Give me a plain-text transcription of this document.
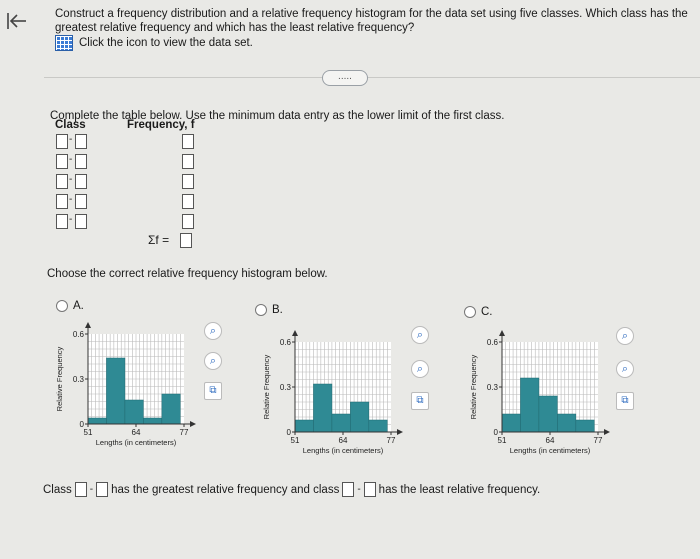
Construct a frequency distribution and a relative frequency histogram for the data set using five classes. Which class has the greatest relative frequency and which has the least relative frequency?
Click the icon to view the data set.
.....
Complete the table below. Use the minimum data entry as the lower limit of the first class.
Class	Frequency, f
-
-
-
-
-
Σf =
Choose the correct relative frequency histogram below.
A.	B.	C.
0
0.3
0.6
51	64	77
Lengths (in centimeters)
Relative Frequency
0
0.3
0.6
51	64	77
Lengths (in centimeters)
Relative Frequency
0
0.3
0.6
51	64	77
Lengths (in centimeters)
Relative Frequency
⌕
⌕
⧉
⌕
⌕
⧉
⌕
⌕
⧉
Class - has the greatest relative frequency and class - has the least relative frequency.
